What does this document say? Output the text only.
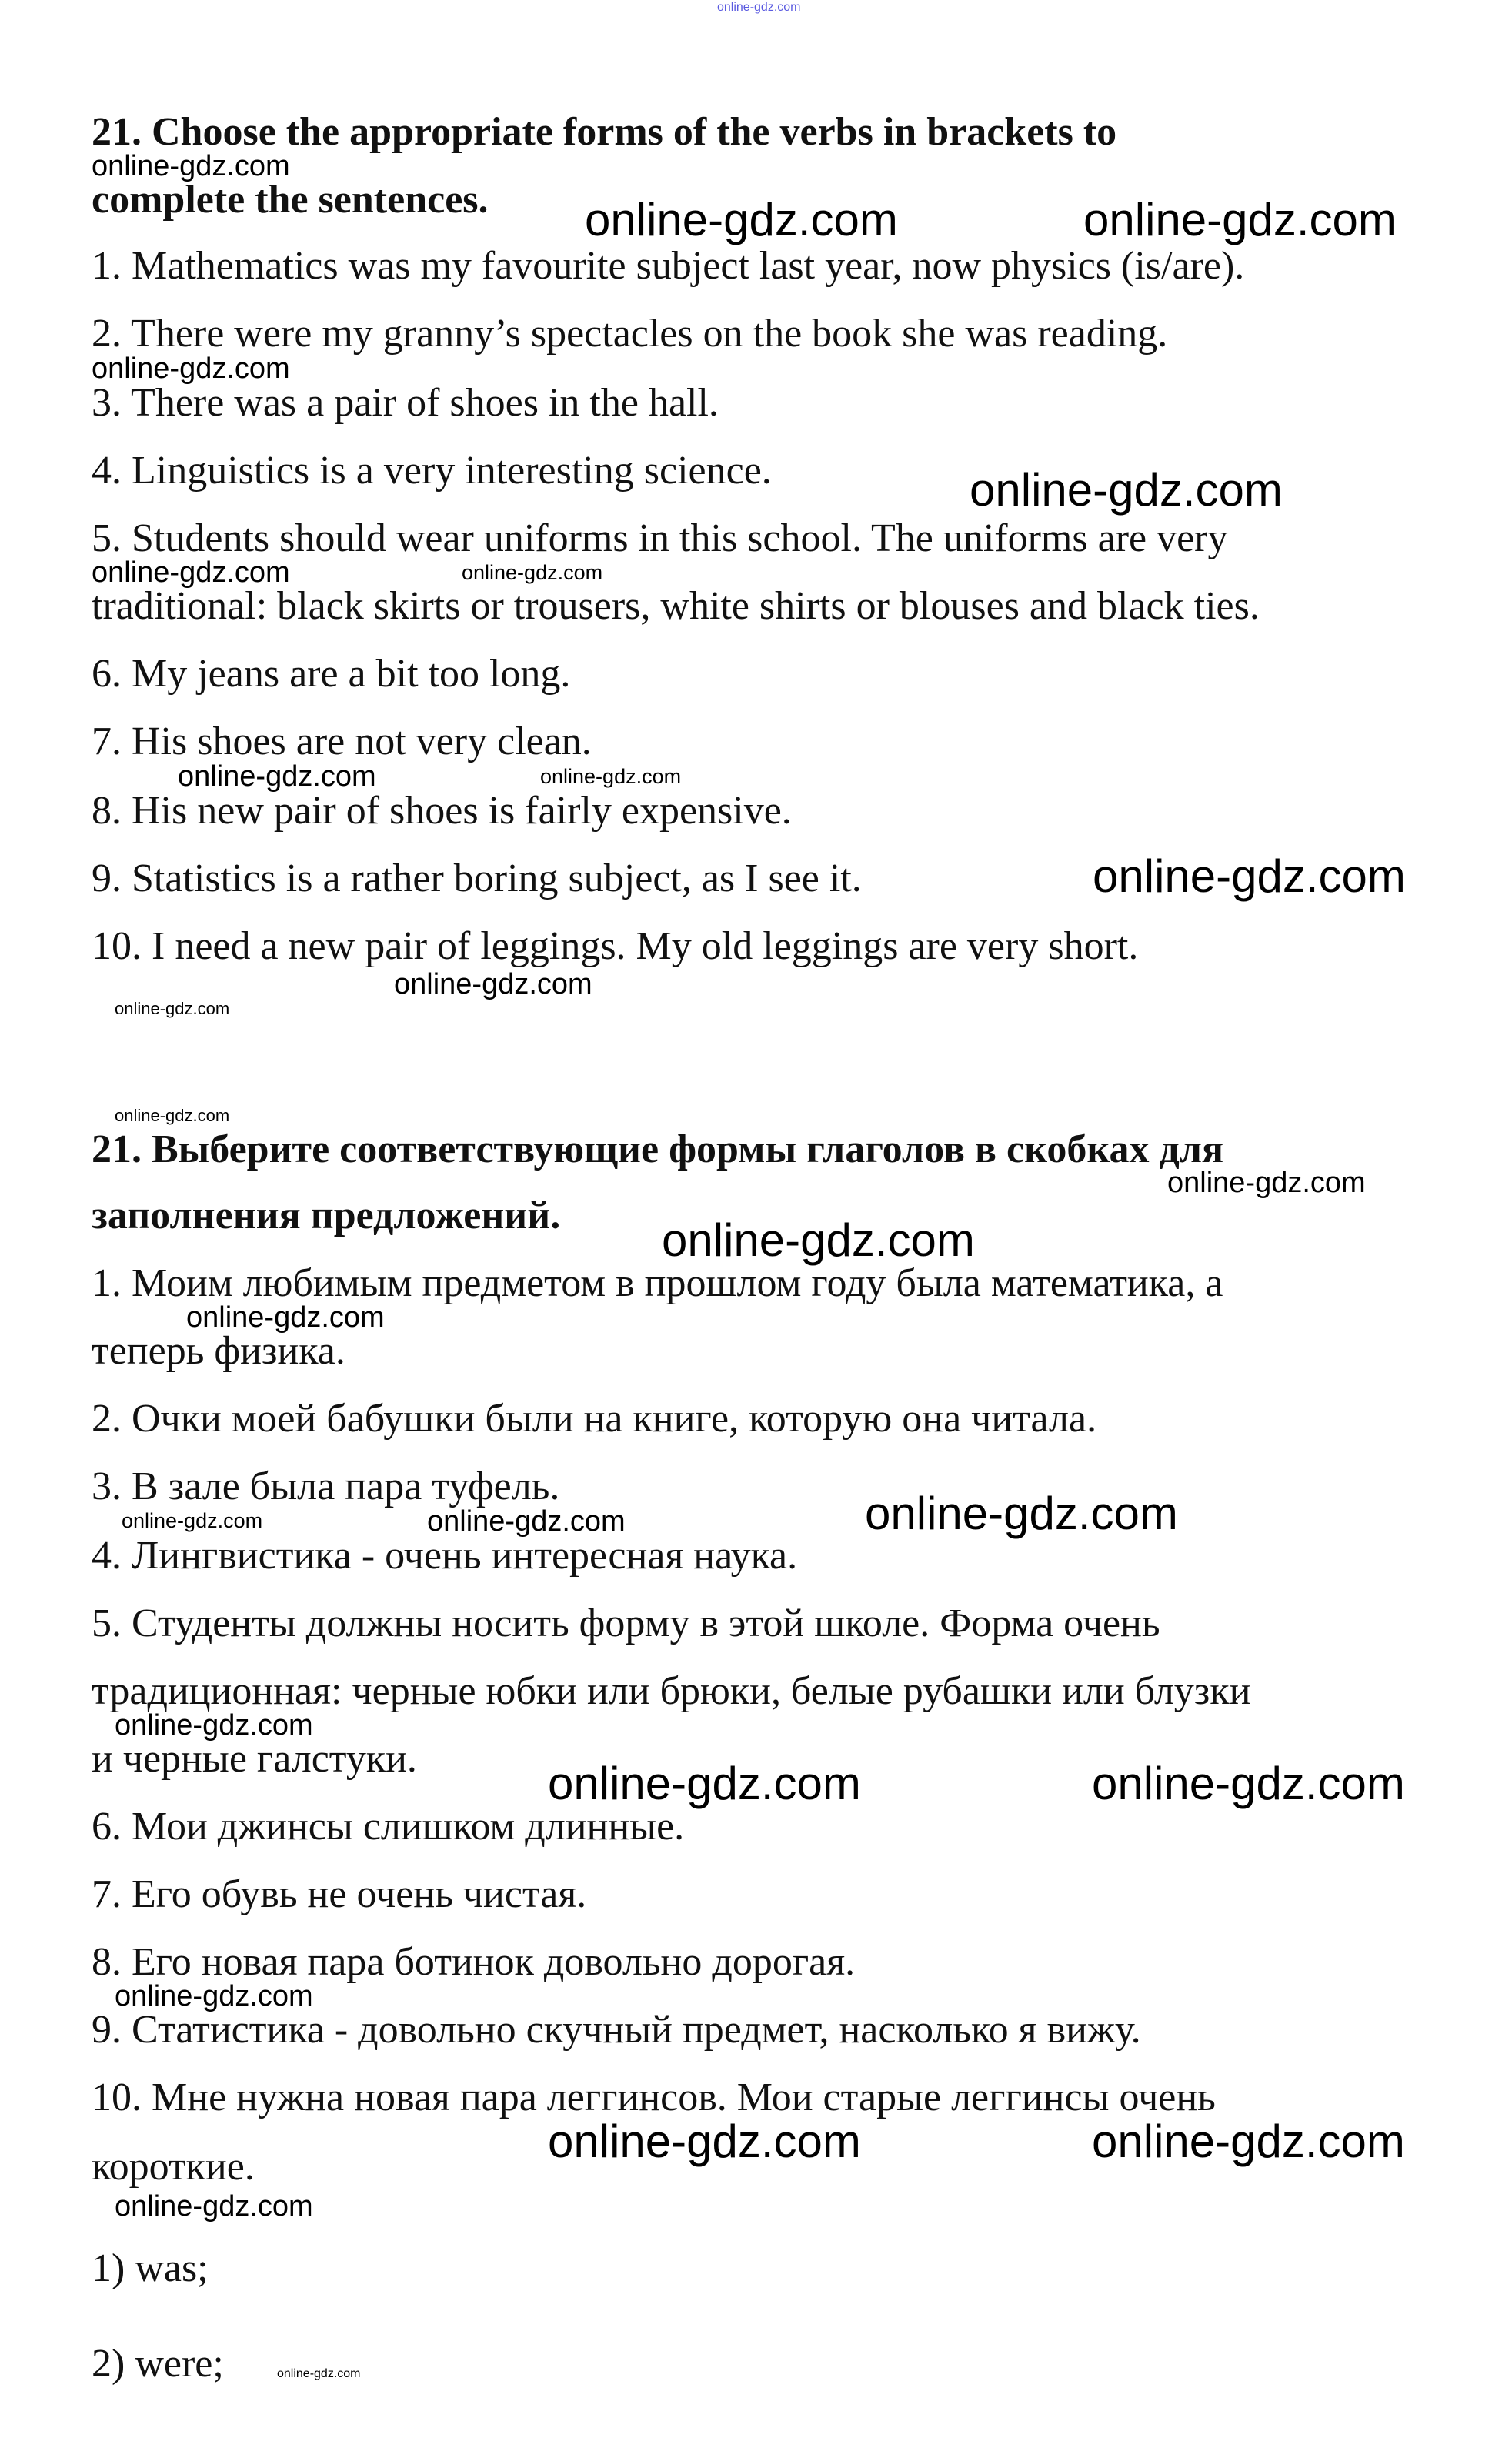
21. Choose the appropriate forms of the verbs in brackets to
complete the sentences.
1. Mathematics was my favourite subject last year, now physics (is/are).
2. There were my granny’s spectacles on the book she was reading.
3. There was a pair of shoes in the hall.
4. Linguistics is a very interesting science.
5. Students should wear uniforms in this school. The uniforms are very
traditional: black skirts or trousers, white shirts or blouses and black ties.
6. My jeans are a bit too long.
7. His shoes are not very clean.
8. His new pair of shoes is fairly expensive.
9. Statistics is a rather boring subject, as I see it.
10. I need a new pair of leggings. My old leggings are very short.
21. Выберите соответствующие формы глаголов в скобках для
заполнения предложений.
1. Моим любимым предметом в прошлом году была математика, а
теперь физика.
2. Очки моей бабушки были на книге, которую она читала.
3. В зале была пара туфель.
4. Лингвистика - очень интересная наука.
5. Студенты должны носить форму в этой школе. Форма очень
традиционная: черные юбки или брюки, белые рубашки или блузки
и черные галстуки.
6. Мои джинсы слишком длинные.
7. Его обувь не очень чистая.
8. Его новая пара ботинок довольно дорогая.
9. Статистика - довольно скучный предмет, насколько я вижу.
10. Мне нужна новая пара леггинсов. Мои старые леггинсы очень
короткие.
1) was;
2) were;
online-gdz.com
online-gdz.com
online-gdz.com	online-gdz.com
online-gdz.com
online-gdz.com
online-gdz.com	online-gdz.com
online-gdz.com	online-gdz.com
online-gdz.com
online-gdz.com
online-gdz.com
online-gdz.com
online-gdz.com
online-gdz.com
online-gdz.com
online-gdz.com	online-gdz.com	online-gdz.com
online-gdz.com
online-gdz.com	online-gdz.com
online-gdz.com
online-gdz.com	online-gdz.com
online-gdz.com
online-gdz.com
